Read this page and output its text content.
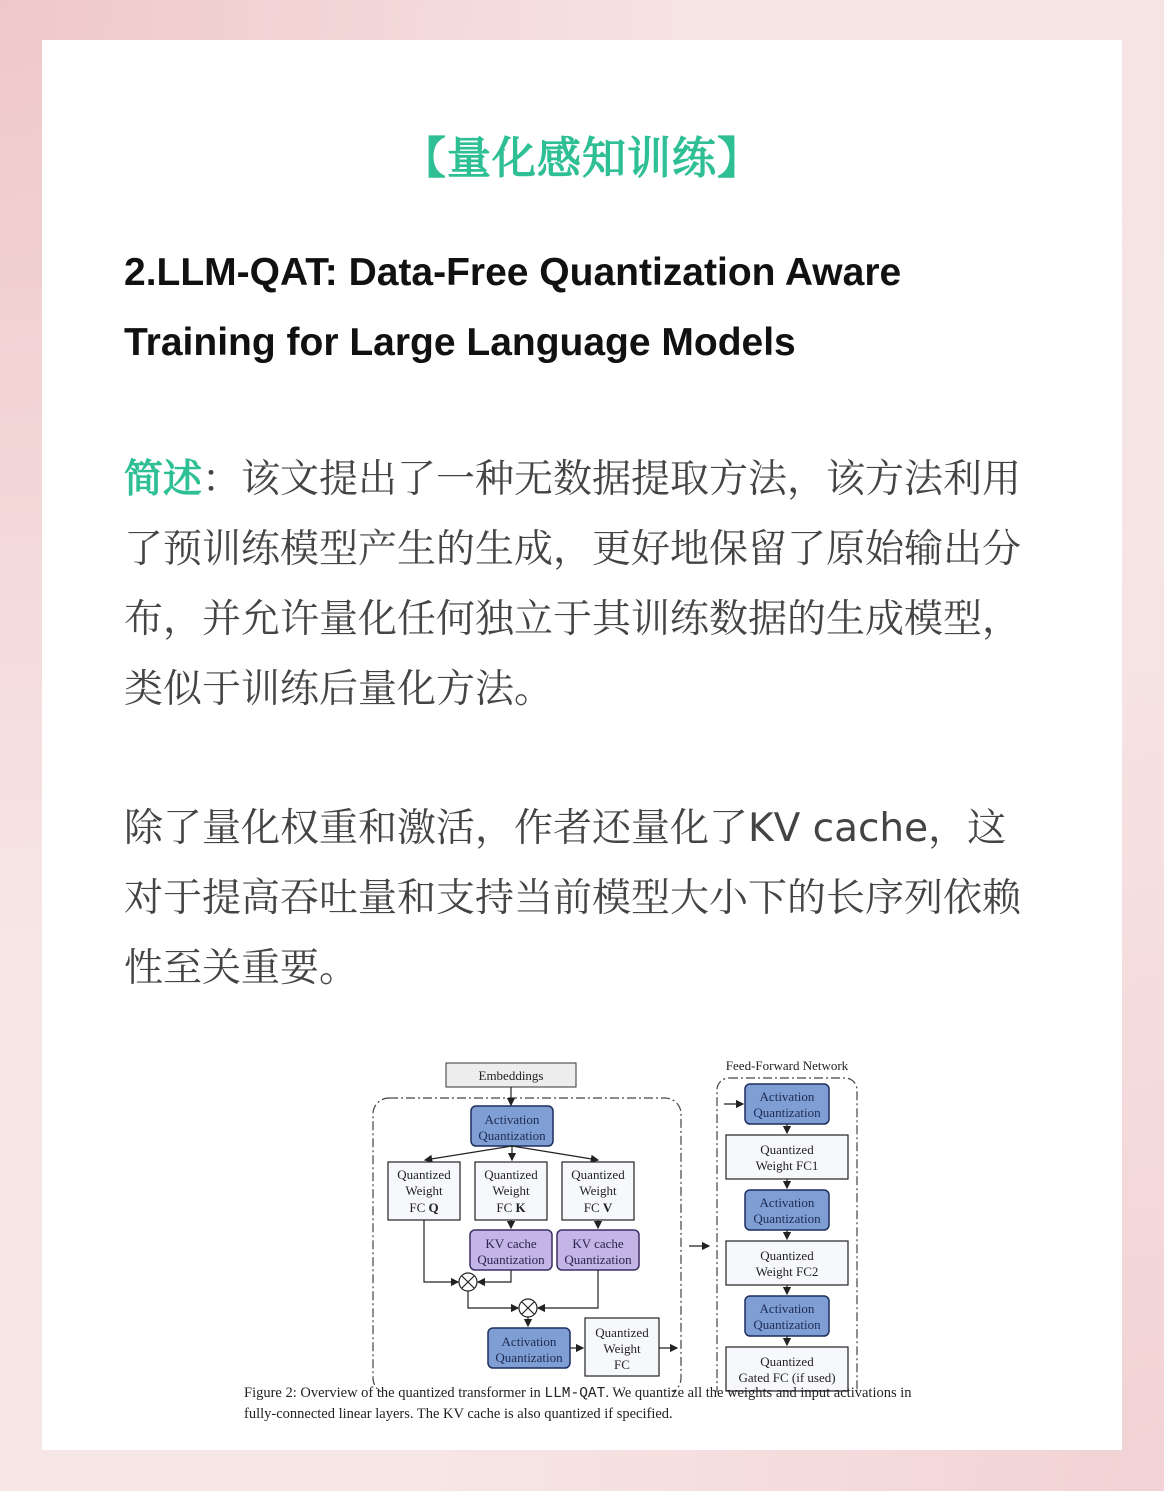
【量化感知训练】
2.LLM-QAT: Data-Free Quantization Aware Training for Large Language Models
简述：该文提出了一种无数据提取方法，该方法利用了预训练模型产生的生成，更好地保留了原始输出分布，并允许量化任何独立于其训练数据的生成模型，类似于训练后量化方法。
除了量化权重和激活，作者还量化了KV cache，这对于提高吞吐量和支持当前模型大小下的长序列依赖性至关重要。
Feed-Forward Network
Embeddings
Activation
Quantization
Quantized
Weight
FC Q
Quantized
Weight
FC K
Quantized
Weight
FC V
KV cache
Quantization
KV cache
Quantization
Activation
Quantization
Quantized
Weight
FC
Activation
Quantization
Quantized
Weight FC1
Activation
Quantization
Quantized
Weight FC2
Activation
Quantization
Quantized
Gated FC (if used)
Figure 2: Overview of the quantized transformer in LLM-QAT. We quantize all the weights and input activations in fully-connected linear layers. The KV cache is also quantized if specified.
